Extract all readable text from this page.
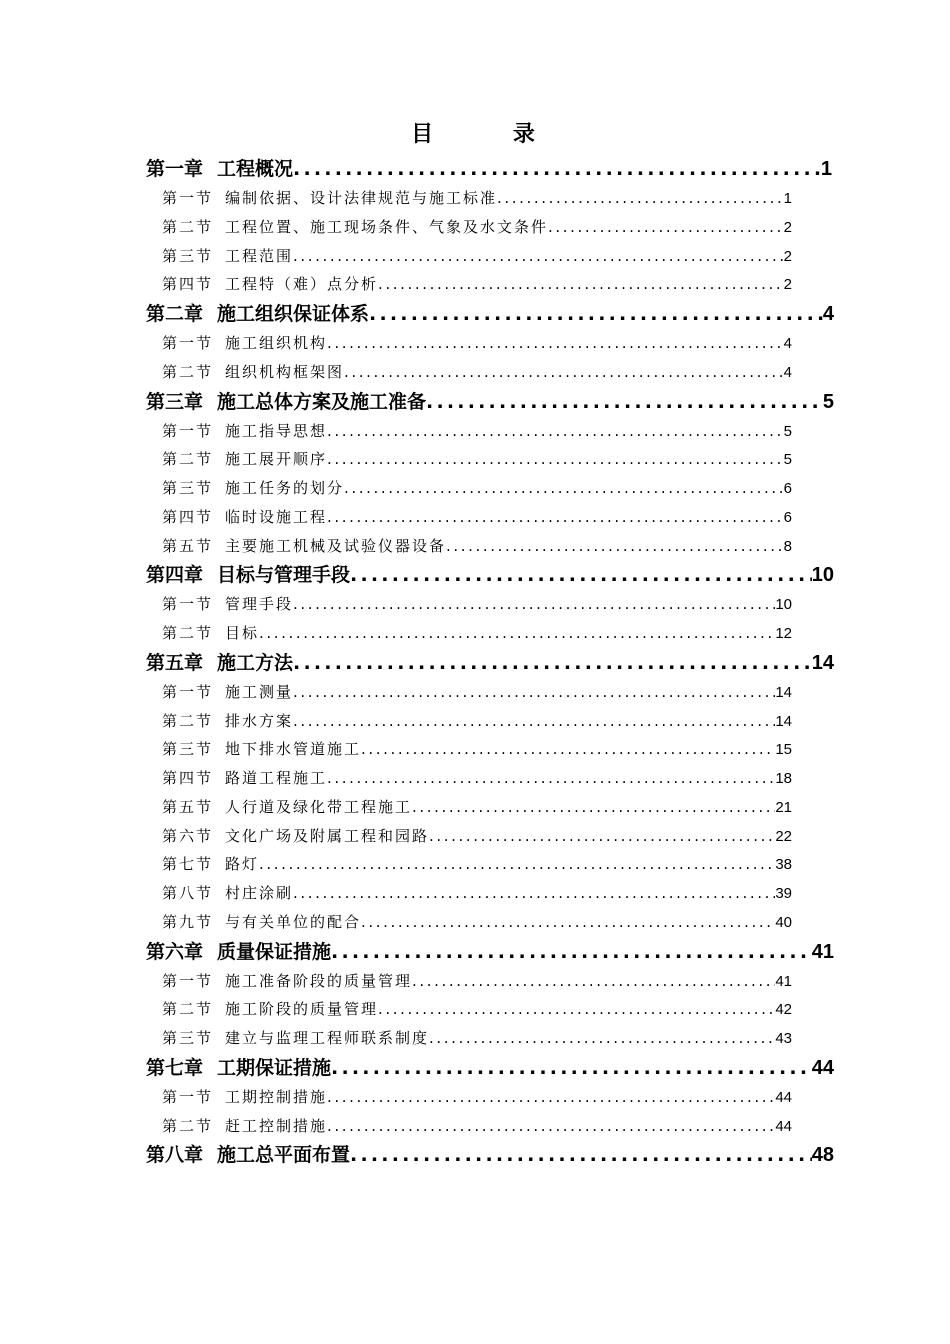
目 录
第一章 工程概况 .....	1
第一节 编制依据、设计法律规范与施工标准 .....	1
第二节 工程位置、施工现场条件、气象及水文条件 .....	2
第三节 工程范围 .....	2
第四节 工程特（难）点分析 .....	2
第二章 施工组织保证体系 .....	4
第一节 施工组织机构 .....	4
第二节 组织机构框架图 .....	4
第三章 施工总体方案及施工准备 .....	5
第一节 施工指导思想 .....	5
第二节 施工展开顺序 .....	5
第三节 施工任务的划分 .....	6
第四节 临时设施工程 .....	6
第五节 主要施工机械及试验仪器设备 .....	8
第四章 目标与管理手段 .....	10
第一节 管理手段 .....	10
第二节 目标 .....	12
第五章 施工方法 .....	14
第一节 施工测量 .....	14
第二节 排水方案 .....	14
第三节 地下排水管道施工 .....	15
第四节 路道工程施工 .....	18
第五节 人行道及绿化带工程施工 .....	21
第六节 文化广场及附属工程和园路 .....	22
第七节 路灯 .....	38
第八节 村庄涂刷 .....	39
第九节 与有关单位的配合 .....	40
第六章 质量保证措施 .....	41
第一节 施工准备阶段的质量管理 .....	41
第二节 施工阶段的质量管理 .....	42
第三节 建立与监理工程师联系制度 .....	43
第七章 工期保证措施 .....	44
第一节 工期控制措施 .....	44
第二节 赶工控制措施 .....	44
第八章 施工总平面布置 .....	48
